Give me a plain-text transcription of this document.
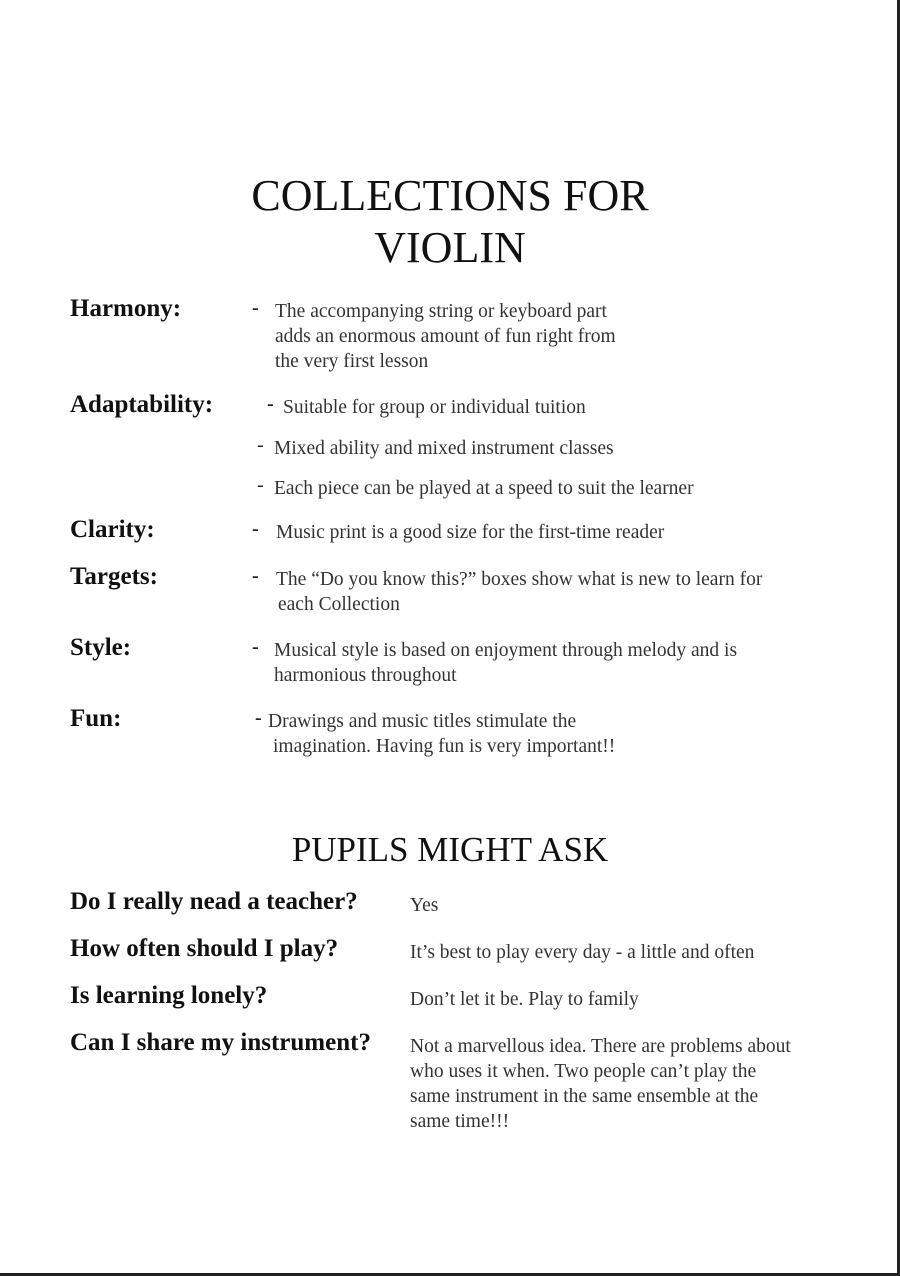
COLLECTIONS FOR
VIOLIN
Harmony:	- The accompanying string or keyboard part
adds an enormous amount of fun right from
the very first lesson
Adaptability:	- Suitable for group or individual tuition
- Mixed ability and mixed instrument classes
- Each piece can be played at a speed to suit the learner
Clarity:	- Music print is a good size for the first-time reader
Targets:	- The “Do you know this?” boxes show what is new to learn for
each Collection
Style:	- Musical style is based on enjoyment through melody and is
harmonious throughout
Fun:	- Drawings and music titles stimulate the
imagination. Having fun is very important!!
PUPILS MIGHT ASK
Do I really nead a teacher?	Yes
How often should I play?	It’s best to play every day - a little and often
Is learning lonely?	Don’t let it be. Play to family
Can I share my instrument? Not a marvellous idea. There are problems about
who uses it when. Two people can’t play the
same instrument in the same ensemble at the
same time!!!
